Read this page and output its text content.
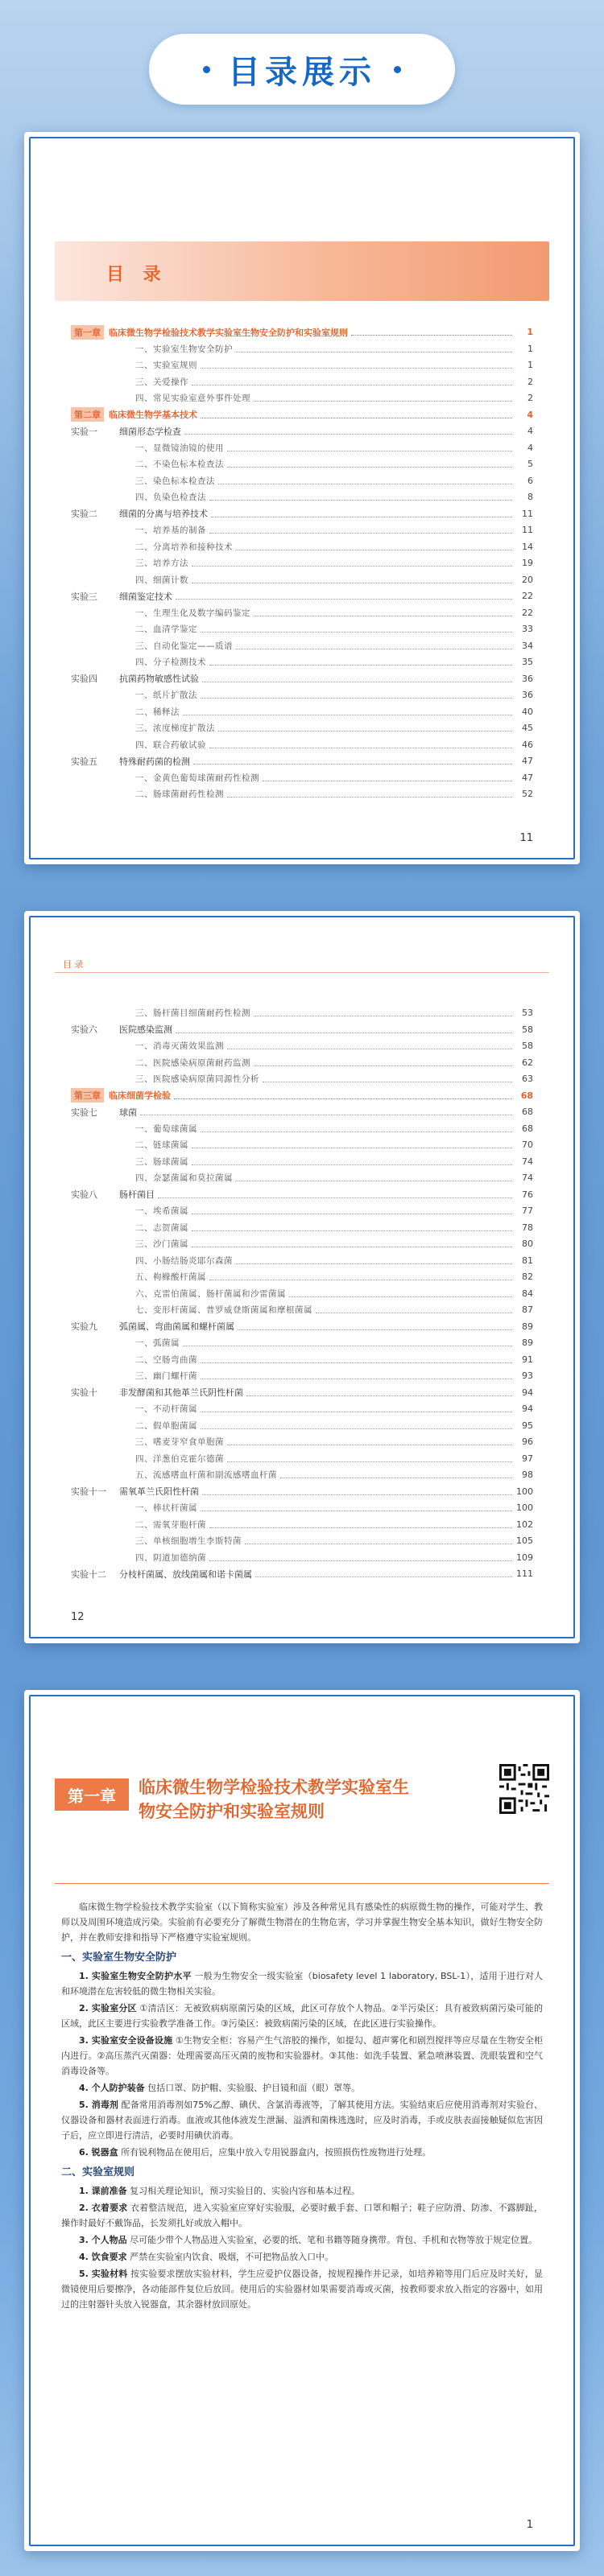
目录展示
目 录
第一章 临床微生物学检验技术教学实验室生物安全防护和实验室规则	1
一、实验室生物安全防护	1
二、实验室规则	1
三、关爱操作	2
四、常见实验室意外事件处理	2
第二章 临床微生物学基本技术	4
实验一	细菌形态学检查	4
一、显微镜油镜的使用	4
二、不染色标本检查法	5
三、染色标本检查法	6
四、负染色检查法	8
实验二	细菌的分离与培养技术	11
一、培养基的制备	11
二、分离培养和接种技术	14
三、培养方法	19
四、细菌计数	20
实验三	细菌鉴定技术	22
一、生理生化及数字编码鉴定	22
二、血清学鉴定	33
三、自动化鉴定——质谱	34
四、分子检测技术	35
实验四	抗菌药物敏感性试验	36
一、纸片扩散法	36
二、稀释法	40
三、浓度梯度扩散法	45
四、联合药敏试验	46
实验五	特殊耐药菌的检测	47
一、金黄色葡萄球菌耐药性检测	47
二、肠球菌耐药性检测	52
11
目 录
三、肠杆菌目细菌耐药性检测	53
实验六	医院感染监测	58
一、消毒灭菌效果监测	58
二、医院感染病原菌耐药监测	62
三、医院感染病原菌同源性分析	63
第三章 临床细菌学检验	68
实验七	球菌	68
一、葡萄球菌属	68
二、链球菌属	70
三、肠球菌属	74
四、奈瑟菌属和莫拉菌属	74
实验八	肠杆菌目	76
一、埃希菌属	77
二、志贺菌属	78
三、沙门菌属	80
四、小肠结肠炎耶尔森菌	81
五、枸橼酸杆菌属	82
六、克雷伯菌属、肠杆菌属和沙雷菌属	84
七、变形杆菌属、普罗威登斯菌属和摩根菌属	87
实验九	弧菌属、弯曲菌属和螺杆菌属	89
一、弧菌属	89
二、空肠弯曲菌	91
三、幽门螺杆菌	93
实验十	非发酵菌和其他革兰氏阴性杆菌	94
一、不动杆菌属	94
二、假单胞菌属	95
三、嗜麦芽窄食单胞菌	96
四、洋葱伯克霍尔德菌	97
五、流感嗜血杆菌和副流感嗜血杆菌	98
实验十一	需氧革兰氏阳性杆菌	100
一、棒状杆菌属	100
二、需氧芽胞杆菌	102
三、单核细胞增生李斯特菌	105
四、阴道加德纳菌	109
实验十二	分枝杆菌属、放线菌属和诺卡菌属	111
12
第一章	临床微生物学检验技术教学实验室生物安全防护和实验室规则

临床微生物学检验技术教学实验室（以下简称实验室）涉及各种常见具有感染性的病原微生物的操作，可能对学生、教师以及周围环境造成污染。实验前有必要充分了解微生物潜在的生物危害，学习并掌握生物安全基本知识，做好生物安全防护，并在教师安排和指导下严格遵守实验室规则。

一、实验室生物安全防护

1. 实验室生物安全防护水平 一般为生物安全一级实验室（biosafety level 1 laboratory, BSL-1），适用于进行对人和环境潜在危害较低的微生物相关实验。

2. 实验室分区 ①清洁区：无被致病病原菌污染的区域，此区可存放个人物品。②半污染区：具有被致病菌污染可能的区域，此区主要进行实验教学准备工作。③污染区：被致病菌污染的区域，在此区进行实验操作。

3. 实验室安全设备设施 ①生物安全柜：容易产生气溶胶的操作，如提勾、超声雾化和剧烈搅拌等应尽量在生物安全柜内进行。②高压蒸汽灭菌器：处理需要高压灭菌的废物和实验器材。③其他：如洗手装置、紧急喷淋装置、洗眼装置和空气消毒设备等。

4. 个人防护装备 包括口罩、防护帽、实验服、护目镜和面（眼）罩等。

5. 消毒剂 配备常用消毒剂如75%乙醇、碘伏、含氯消毒液等，了解其使用方法。实验结束后应使用消毒剂对实验台、仪器设备和器材表面进行消毒。血液或其他体液发生泄漏、溢洒和菌株逃逸时，应及时消毒，手或皮肤表面接触疑似危害因子后，应立即进行清洁，必要时用碘伏消毒。

6. 锐器盒 所有锐利物品在使用后，应集中放入专用锐器盒内，按照损伤性废物进行处理。

二、实验室规则

1. 课前准备 复习相关理论知识，预习实验目的、实验内容和基本过程。

2. 衣着要求 衣着整洁规范，进入实验室应穿好实验服，必要时戴手套、口罩和帽子；鞋子应防滑、防渗、不露脚趾，操作时最好不戴饰品，长发须扎好或放入帽中。

3. 个人物品 尽可能少带个人物品进入实验室，必要的纸、笔和书籍等随身携带。背包、手机和衣物等放于规定位置。

4. 饮食要求 严禁在实验室内饮食、吸烟，不可把物品放入口中。

5. 实验材料 按实验要求摆放实验材料，学生应爱护仪器设备，按规程操作并记录，如培养箱等用门后应及时关好，显微镜使用后要擦净，各动能部件复位后放回。使用后的实验器材如果需要消毒或灭菌，按教师要求放入指定的容器中，如用过的注射器针头放入锐器盒，其余器材放回原处。

1
